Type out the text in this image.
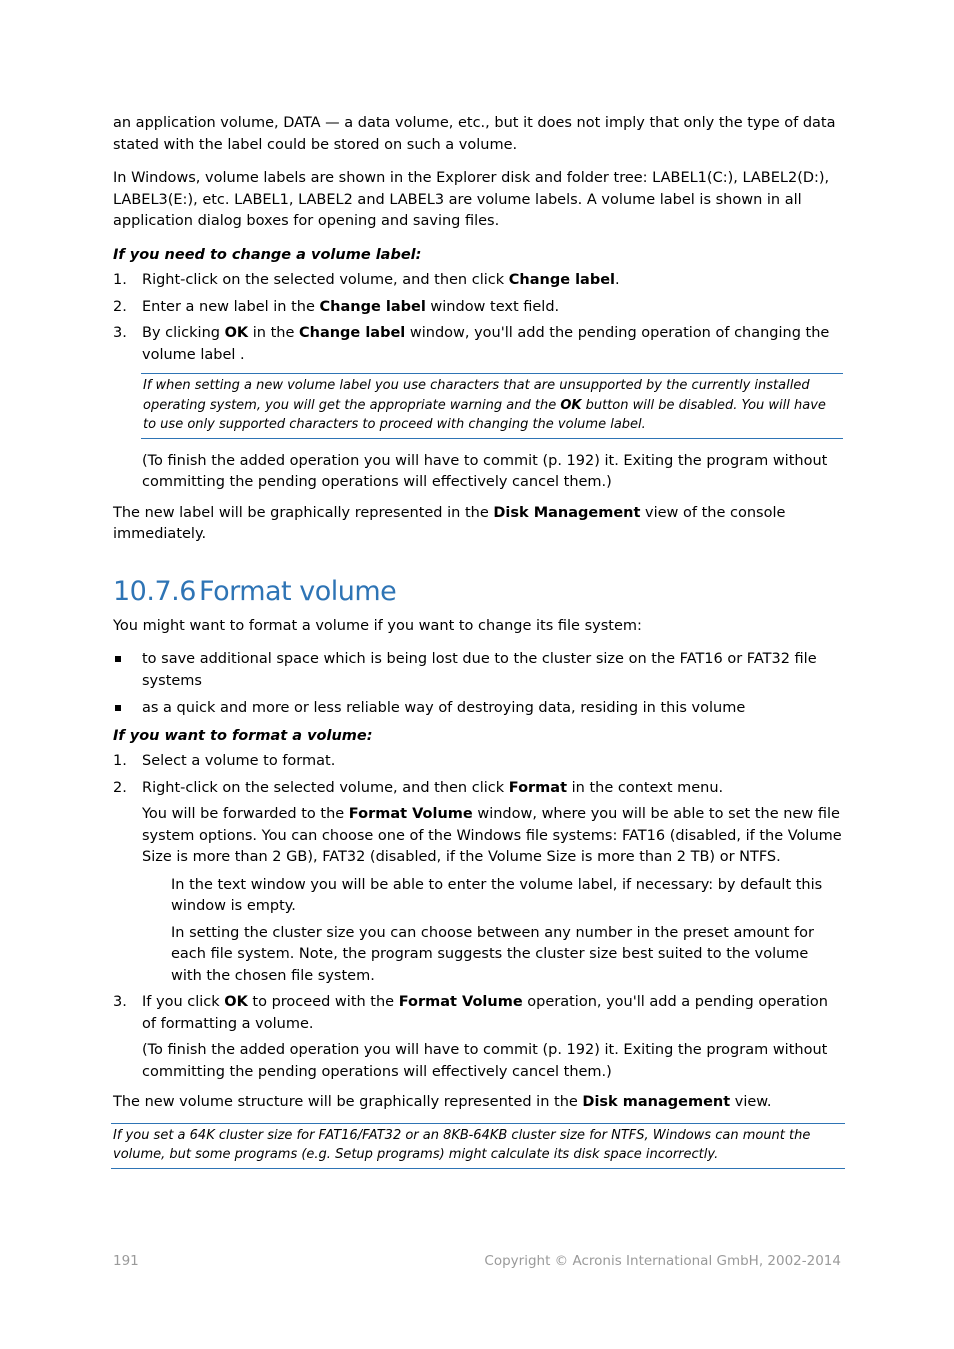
an application volume, DATA — a data volume, etc., but it does not imply that only the type of data stated with the label could be stored on such a volume.

In Windows, volume labels are shown in the Explorer disk and folder tree: LABEL1(C:), LABEL2(D:), LABEL3(E:), etc. LABEL1, LABEL2 and LABEL3 are volume labels. A volume label is shown in all application dialog boxes for opening and saving files.

If you need to change a volume label:

1. Right-click on the selected volume, and then click Change label.
2. Enter a new label in the Change label window text field.
3. By clicking OK in the Change label window, you'll add the pending operation of changing the volume label .
If when setting a new volume label you use characters that are unsupported by the currently installed operating system, you will get the appropriate warning and the OK button will be disabled. You will have to use only supported characters to proceed with changing the volume label.

(To finish the added operation you will have to commit (p. 192) it. Exiting the program without committing the pending operations will effectively cancel them.)

The new label will be graphically represented in the Disk Management view of the console immediately.

10.7.6 Format volume

You might want to format a volume if you want to change its file system:

to save additional space which is being lost due to the cluster size on the FAT16 or FAT32 file systems
as a quick and more or less reliable way of destroying data, residing in this volume

If you want to format a volume:

1. Select a volume to format.
2. Right-click on the selected volume, and then click Format in the context menu.

You will be forwarded to the Format Volume window, where you will be able to set the new file system options. You can choose one of the Windows file systems: FAT16 (disabled, if the Volume Size is more than 2 GB), FAT32 (disabled, if the Volume Size is more than 2 TB) or NTFS.

In the text window you will be able to enter the volume label, if necessary: by default this window is empty.

In setting the cluster size you can choose between any number in the preset amount for each file system. Note, the program suggests the cluster size best suited to the volume with the chosen file system.

3. If you click OK to proceed with the Format Volume operation, you'll add a pending operation of formatting a volume.

(To finish the added operation you will have to commit (p. 192) it. Exiting the program without committing the pending operations will effectively cancel them.)

The new volume structure will be graphically represented in the Disk management view.

If you set a 64K cluster size for FAT16/FAT32 or an 8KB-64KB cluster size for NTFS, Windows can mount the volume, but some programs (e.g. Setup programs) might calculate its disk space incorrectly.
191	Copyright © Acronis International GmbH, 2002-2014
